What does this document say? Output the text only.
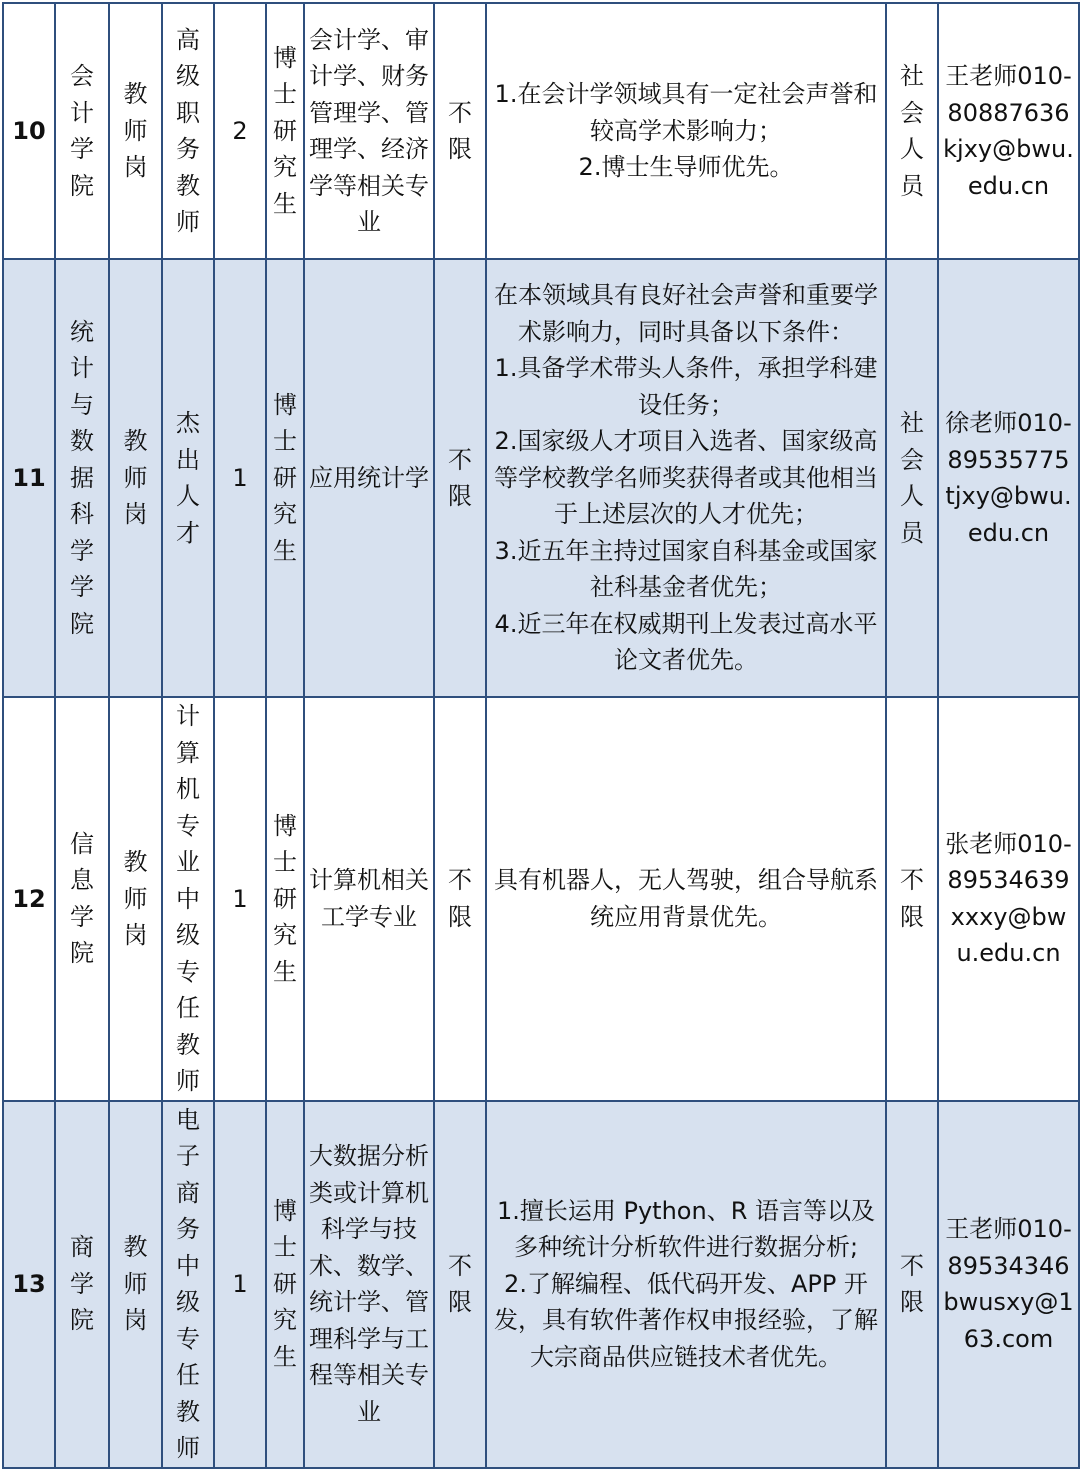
10	会计学院	教师岗	高级职务教师	2	博士研究生	会计学、审计学、财务管理学、管理学、经济学等相关专业	不限	1.在会计学领域具有一定社会声誉和较高学术影响力；
2.博士生导师优先。	社会人员	王老师010-80887636kjxy@bwu.edu.cn
11	统计与数据科学学院	教师岗	杰出人才	1	博士研究生	应用统计学	不限	在本领域具有良好社会声誉和重要学术影响力，同时具备以下条件：
1.具备学术带头人条件，承担学科建设任务；
2.国家级人才项目入选者、国家级高等学校教学名师奖获得者或其他相当于上述层次的人才优先；
3.近五年主持过国家自科基金或国家社科基金者优先；
4.近三年在权威期刊上发表过高水平论文者优先。	社会人员	徐老师010-89535775tjxy@bwu.edu.cn
12	信息学院	教师岗	计算机专业中级专任教师	1	博士研究生	计算机相关工学专业	不限	具有机器人，无人驾驶，组合导航系统应用背景优先。	不限	张老师010-89534639xxxy@bwu.edu.cn
13	商学院	教师岗	电子商务中级专任教师	1	博士研究生	大数据分析类或计算机科学与技术、数学、统计学、管理科学与工程等相关专业	不限	1.擅长运用 Python、R 语言等以及多种统计分析软件进行数据分析;
2.了解编程、低代码开发、APP 开发，具有软件著作权申报经验，了解大宗商品供应链技术者优先。	不限	王老师010-89534346bwusxy@163.com
